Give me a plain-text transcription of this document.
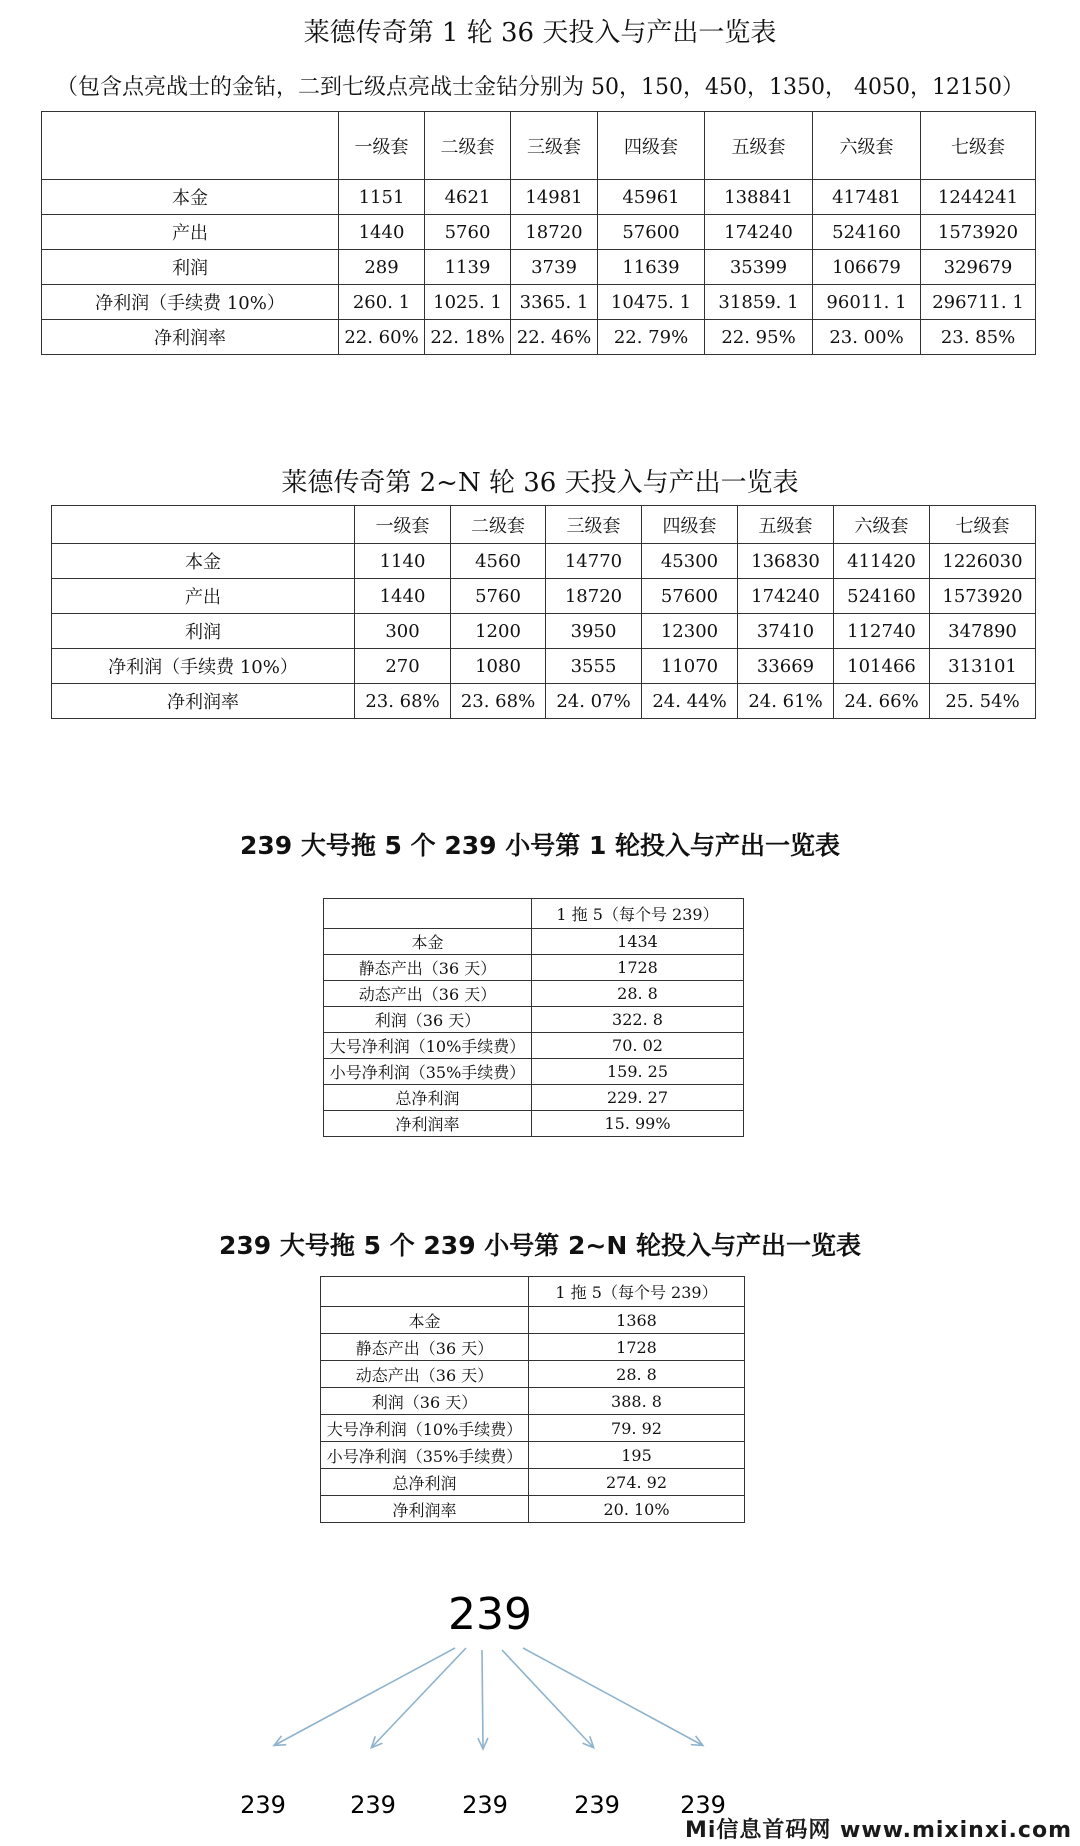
莱德传奇第 1 轮 36 天投入与产出一览表
（包含点亮战士的金钻，二到七级点亮战士金钻分别为 50，150，450，1350， 4050，12150）
	一级套	二级套	三级套	四级套	五级套	六级套	七级套
本金	1151	4621	14981	45961	138841	417481	1244241
产出	1440	5760	18720	57600	174240	524160	1573920
利润	289	1139	3739	11639	35399	106679	329679
净利润（手续费 10%）	260. 1	1025. 1	3365. 1	10475. 1	31859. 1	96011. 1	296711. 1
净利润率	22. 60%	22. 18%	22. 46%	22. 79%	22. 95%	23. 00%	23. 85%
莱德传奇第 2~N 轮 36 天投入与产出一览表
	一级套	二级套	三级套	四级套	五级套	六级套	七级套
本金	1140	4560	14770	45300	136830	411420	1226030
产出	1440	5760	18720	57600	174240	524160	1573920
利润	300	1200	3950	12300	37410	112740	347890
净利润（手续费 10%）	270	1080	3555	11070	33669	101466	313101
净利润率	23. 68%	23. 68%	24. 07%	24. 44%	24. 61%	24. 66%	25. 54%
239 大号拖 5 个 239 小号第 1 轮投入与产出一览表
	1 拖 5（每个号 239）
本金	1434
静态产出（36 天）	1728
动态产出（36 天）	28. 8
利润（36 天）	322. 8
大号净利润（10%手续费）	70. 02
小号净利润（35%手续费）	159. 25
总净利润	229. 27
净利润率	15. 99%
239 大号拖 5 个 239 小号第 2~N 轮投入与产出一览表
	1 拖 5（每个号 239）
本金	1368
静态产出（36 天）	1728
动态产出（36 天）	28. 8
利润（36 天）	388. 8
大号净利润（10%手续费）	79. 92
小号净利润（35%手续费）	195
总净利润	274. 92
净利润率	20. 10%
239
239	239	239	239	239
Mi信息首码网 www.mixinxi.com
